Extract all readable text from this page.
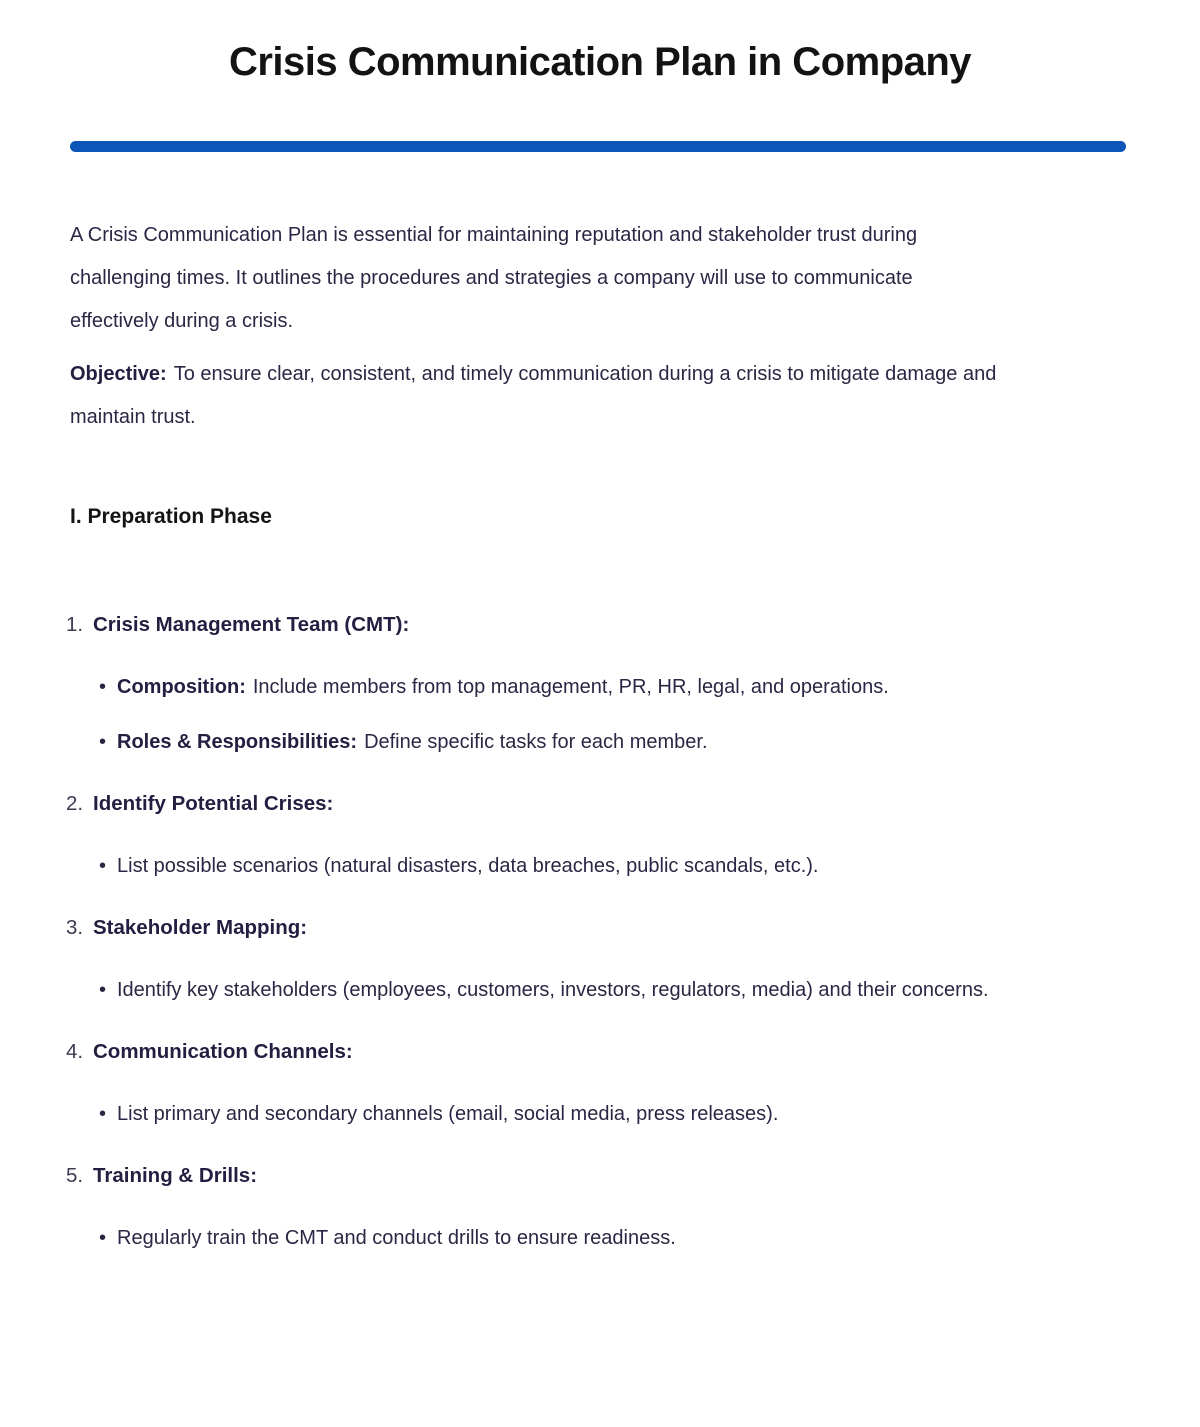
Crisis Communication Plan in Company

A Crisis Communication Plan is essential for maintaining reputation and stakeholder trust during challenging times. It outlines the procedures and strategies a company will use to communicate effectively during a crisis.

Objective: To ensure clear, consistent, and timely communication during a crisis to mitigate damage and maintain trust.

I. Preparation Phase
1. Crisis Management Team (CMT):
• Composition: Include members from top management, PR, HR, legal, and operations.
• Roles & Responsibilities: Define specific tasks for each member.
2. Identify Potential Crises:
• List possible scenarios (natural disasters, data breaches, public scandals, etc.).
3. Stakeholder Mapping:
• Identify key stakeholders (employees, customers, investors, regulators, media) and their concerns.
4. Communication Channels:
• List primary and secondary channels (email, social media, press releases).
5. Training & Drills:
• Regularly train the CMT and conduct drills to ensure readiness.
